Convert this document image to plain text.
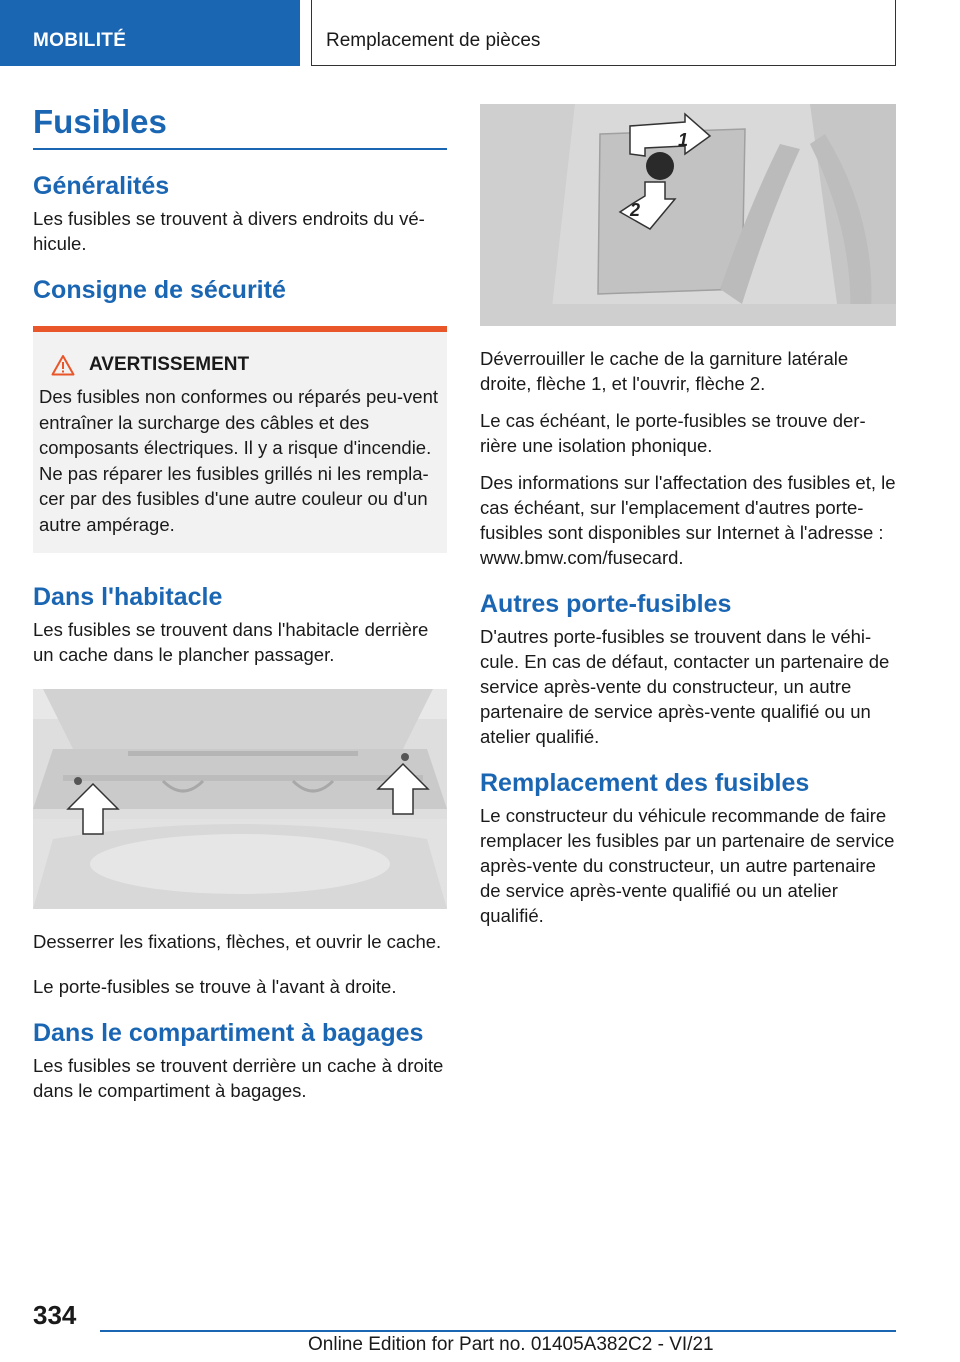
MOBILITÉ	Remplacement de pièces
Fusibles
Généralités

Les fusibles se trouvent à divers endroits du vé-hicule.

Consigne de sécurité
AVERTISSEMENT

Des fusibles non conformes ou réparés peu-vent entraîner la surcharge des câbles et des composants électriques. Il y a risque d'incendie. Ne pas réparer les fusibles grillés ni les rempla-cer par des fusibles d'une autre couleur ou d'un autre ampérage.

Dans l'habitacle

Les fusibles se trouvent dans l'habitacle derrière un cache dans le plancher passager.

Desserrer les fixations, flèches, et ouvrir le cache.

Le porte-fusibles se trouve à l'avant à droite.

Dans le compartiment à bagages

Les fusibles se trouvent derrière un cache à droite dans le compartiment à bagages.

1
2

Déverrouiller le cache de la garniture latérale droite, flèche 1, et l'ouvrir, flèche 2.

Le cas échéant, le porte-fusibles se trouve der-rière une isolation phonique.

Des informations sur l'affectation des fusibles et, le cas échéant, sur l'emplacement d'autres porte-fusibles sont disponibles sur Internet à l'adresse : www.bmw.com/fusecard.

Autres porte-fusibles

D'autres porte-fusibles se trouvent dans le véhi-cule. En cas de défaut, contacter un partenaire de service après-vente du constructeur, un autre partenaire de service après-vente qualifié ou un atelier qualifié.

Remplacement des fusibles

Le constructeur du véhicule recommande de faire remplacer les fusibles par un partenaire de service après-vente du constructeur, un autre partenaire de service après-vente qualifié ou un atelier qualifié.

334
Online Edition for Part no. 01405A382C2 - VI/21
